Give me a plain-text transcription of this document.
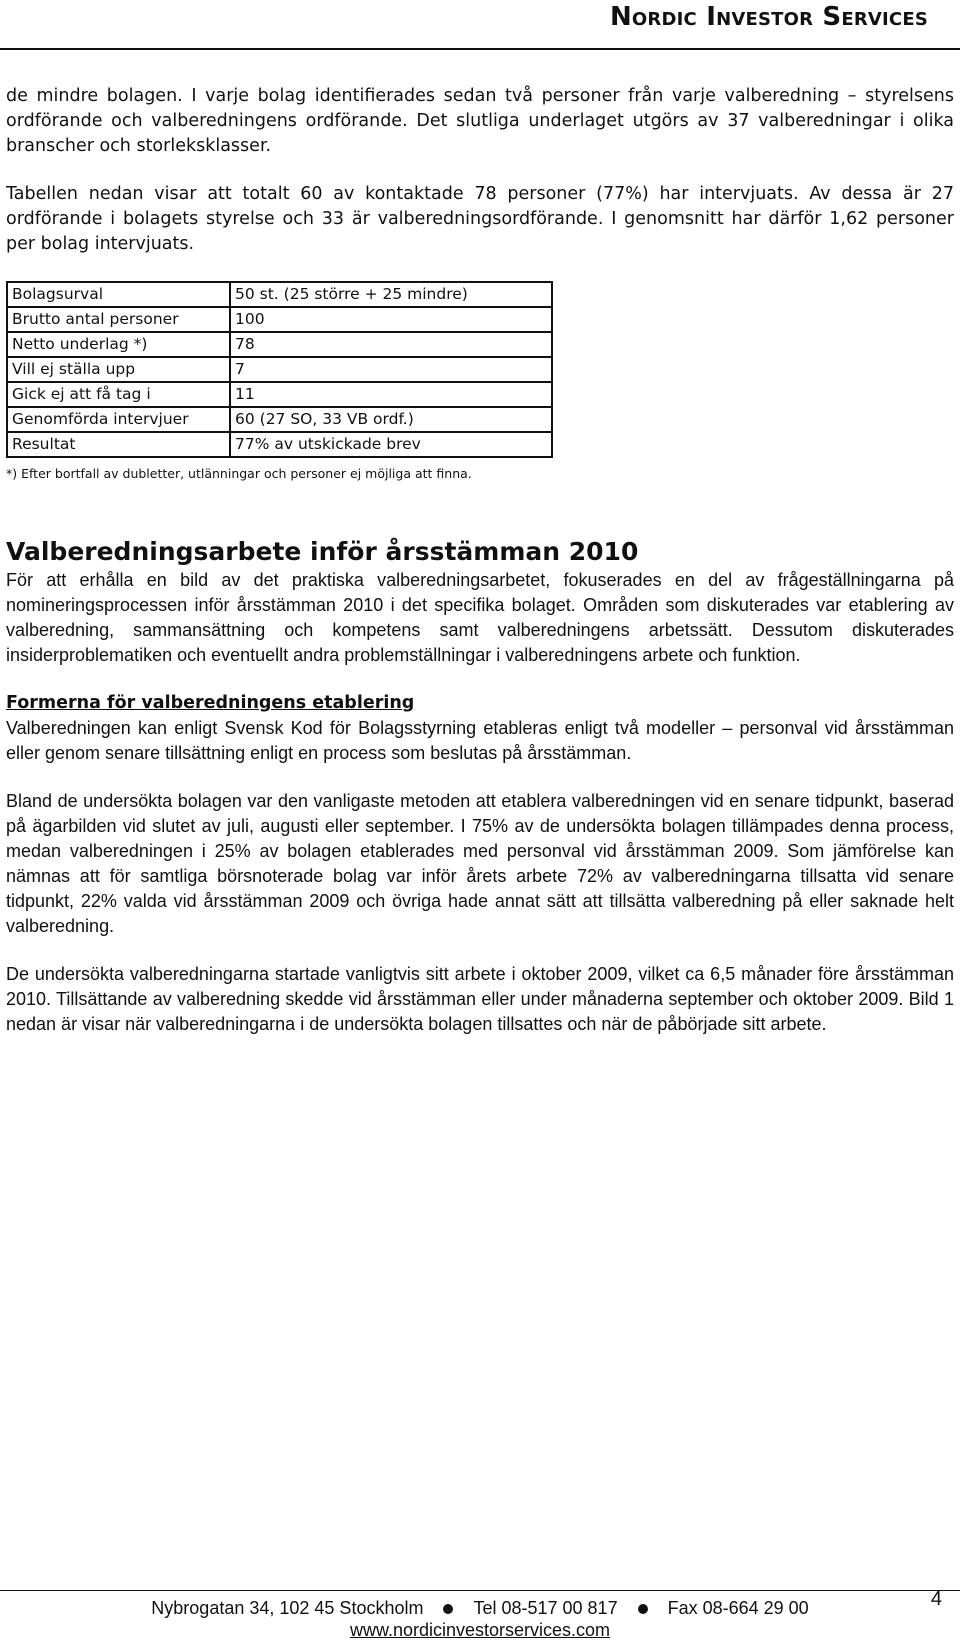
Nordic Investor Services

de mindre bolagen. I varje bolag identifierades sedan två personer från varje valberedning – styrelsens ordförande och valberedningens ordförande. Det slutliga underlaget utgörs av 37 valberedningar i olika branscher och storleksklasser.

Tabellen nedan visar att totalt 60 av kontaktade 78 personer (77%) har intervjuats. Av dessa är 27 ordförande i bolagets styrelse och 33 är valberedningsordförande. I genomsnitt har därför 1,62 personer per bolag intervjuats.

Bolagsurval	50 st. (25 större + 25 mindre)
Brutto antal personer	100
Netto underlag *)	78
Vill ej ställa upp	7
Gick ej att få tag i	11
Genomförda intervjuer	60 (27 SO, 33 VB ordf.)
Resultat	77% av utskickade brev
*) Efter bortfall av dubletter, utlänningar och personer ej möjliga att finna.
Valberedningsarbete inför årsstämman 2010

För att erhålla en bild av det praktiska valberedningsarbetet, fokuserades en del av frågeställningarna på nomineringsprocessen inför årsstämman 2010 i det specifika bolaget. Områden som diskuterades var etablering av valberedning, sammansättning och kompetens samt valberedningens arbetssätt. Dessutom diskuterades insiderproblematiken och eventuellt andra problemställningar i valberedningens arbete och funktion.

Formerna för valberedningens etablering

Valberedningen kan enligt Svensk Kod för Bolagsstyrning etableras enligt två modeller – personval vid årsstämman eller genom senare tillsättning enligt en process som beslutas på årsstämman.

Bland de undersökta bolagen var den vanligaste metoden att etablera valberedningen vid en senare tidpunkt, baserad på ägarbilden vid slutet av juli, augusti eller september. I 75% av de undersökta bolagen tillämpades denna process, medan valberedningen i 25% av bolagen etablerades med personval vid årsstämman 2009. Som jämförelse kan nämnas att för samtliga börsnoterade bolag var inför årets arbete 72% av valberedningarna tillsatta vid senare tidpunkt, 22% valda vid årsstämman 2009 och övriga hade annat sätt att tillsätta valberedning på eller saknade helt valberedning.

De undersökta valberedningarna startade vanligtvis sitt arbete i oktober 2009, vilket ca 6,5 månader före årsstämman 2010. Tillsättande av valberedning skedde vid årsstämman eller under månaderna september och oktober 2009. Bild 1 nedan är visar när valberedningarna i de undersökta bolagen tillsattes och när de påbörjade sitt arbete.

Nybrogatan 34, 102 45 Stockholm	Tel 08-517 00 817	Fax 08-664 29 00
www.nordicinvestorservices.com
4
